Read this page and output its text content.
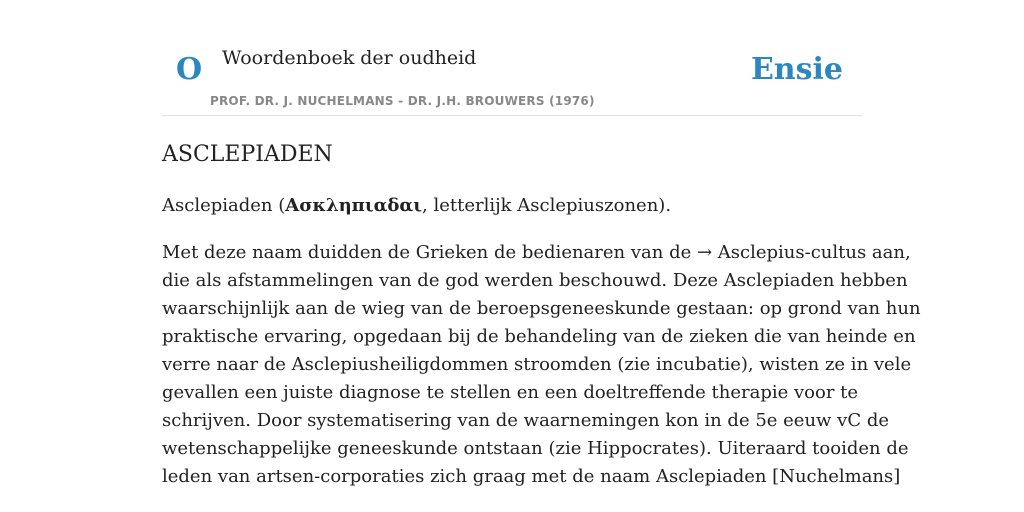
O Woordenboek der oudheid	Ensie
PROF. DR. J. NUCHELMANS - DR. J.H. BROUWERS (1976)
ASCLEPIADEN
Asclepiaden (Ασκληπιαδαι, letterlijk Asclepiuszonen).
Met deze naam duidden de Grieken de bedienaren van de → Asclepius-cultus aan,
die als afstammelingen van de god werden beschouwd. Deze Asclepiaden hebben
waarschijnlijk aan de wieg van de beroepsgeneeskunde gestaan: op grond van hun
praktische ervaring, opgedaan bij de behandeling van de zieken die van heinde en
verre naar de Asclepiusheiligdommen stroomden (zie incubatie), wisten ze in vele
gevallen een juiste diagnose te stellen en een doeltreffende therapie voor te
schrijven. Door systematisering van de waarnemingen kon in de 5e eeuw vC de
wetenschappelijke geneeskunde ontstaan (zie Hippocrates). Uiteraard tooiden de
leden van artsen-corporaties zich graag met de naam Asclepiaden [Nuchelmans]
